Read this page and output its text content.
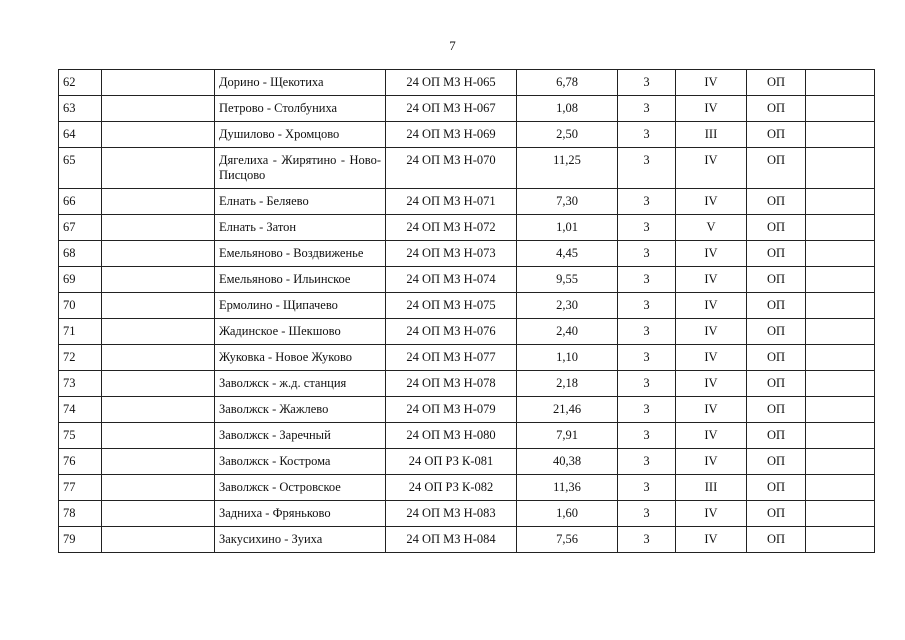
7
62		Дорино - Щекотиха	24 ОП МЗ Н-065	6,78	3	IV	ОП	
63		Петрово - Столбуниха	24 ОП МЗ Н-067	1,08	3	IV	ОП	
64		Душилово - Хромцово	24 ОП МЗ Н-069	2,50	3	III	ОП	
65		Дягелиха - Жирятино - Ново-Писцово	24 ОП МЗ Н-070	11,25	3	IV	ОП	
66		Елнать - Беляево	24 ОП МЗ Н-071	7,30	3	IV	ОП	
67		Елнать - Затон	24 ОП МЗ Н-072	1,01	3	V	ОП	
68		Емельяново - Воздвиженье	24 ОП МЗ Н-073	4,45	3	IV	ОП	
69		Емельяново - Ильинское	24 ОП МЗ Н-074	9,55	3	IV	ОП	
70		Ермолино - Щипачево	24 ОП МЗ Н-075	2,30	3	IV	ОП	
71		Жадинское - Шекшово	24 ОП МЗ Н-076	2,40	3	IV	ОП	
72		Жуковка - Новое Жуково	24 ОП МЗ Н-077	1,10	3	IV	ОП	
73		Заволжск - ж.д. станция	24 ОП МЗ Н-078	2,18	3	IV	ОП	
74		Заволжск - Жажлево	24 ОП МЗ Н-079	21,46	3	IV	ОП	
75		Заволжск - Заречный	24 ОП МЗ Н-080	7,91	3	IV	ОП	
76		Заволжск - Кострома	24 ОП РЗ К-081	40,38	3	IV	ОП	
77		Заволжск - Островское	24 ОП РЗ К-082	11,36	3	III	ОП	
78		Задниха - Фряньково	24 ОП МЗ Н-083	1,60	3	IV	ОП	
79		Закусихино - Зуиха	24 ОП МЗ Н-084	7,56	3	IV	ОП	
